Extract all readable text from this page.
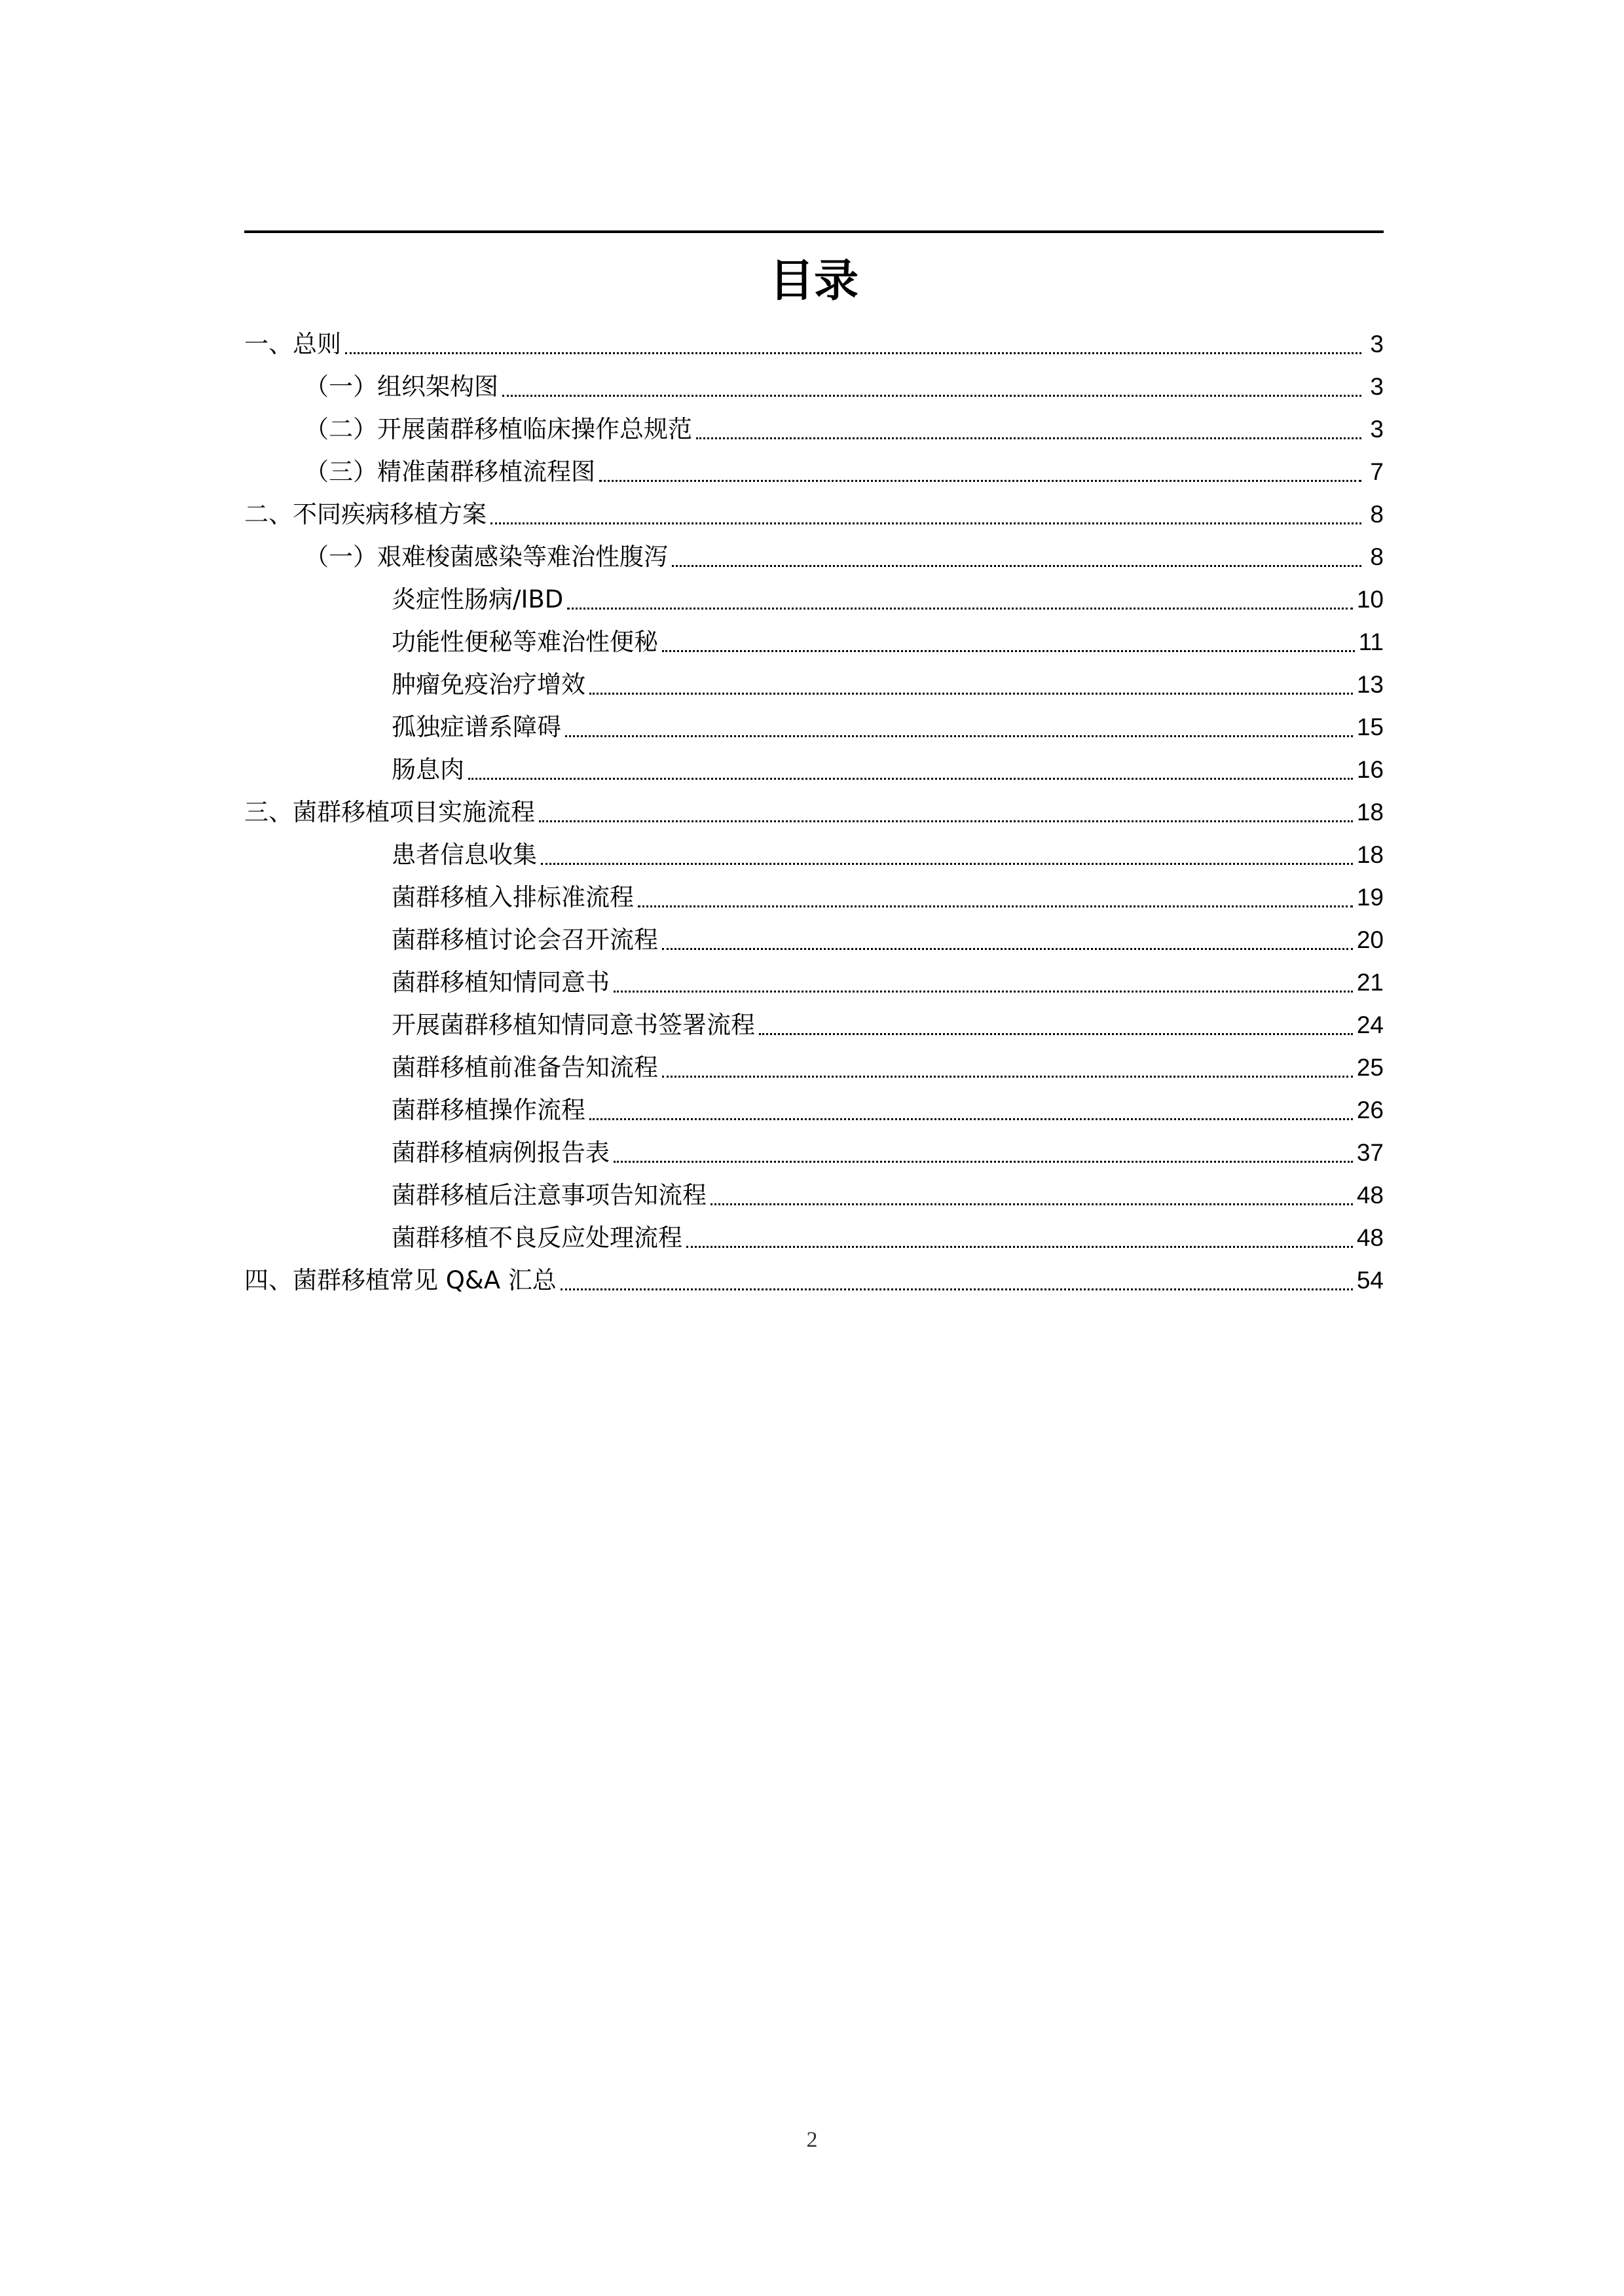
目录
一、总则	3
（一）组织架构图	3
（二）开展菌群移植临床操作总规范	3
（三）精准菌群移植流程图	7
二、不同疾病移植方案	8
（一）艰难梭菌感染等难治性腹泻	8
炎症性肠病/IBD	10
功能性便秘等难治性便秘	11
肿瘤免疫治疗增效	13
孤独症谱系障碍	15
肠息肉	16
三、菌群移植项目实施流程	18
患者信息收集	18
菌群移植入排标准流程	19
菌群移植讨论会召开流程	20
菌群移植知情同意书	21
开展菌群移植知情同意书签署流程	24
菌群移植前准备告知流程	25
菌群移植操作流程	26
菌群移植病例报告表	37
菌群移植后注意事项告知流程	48
菌群移植不良反应处理流程	48
四、菌群移植常见 Q&A 汇总	54
2
